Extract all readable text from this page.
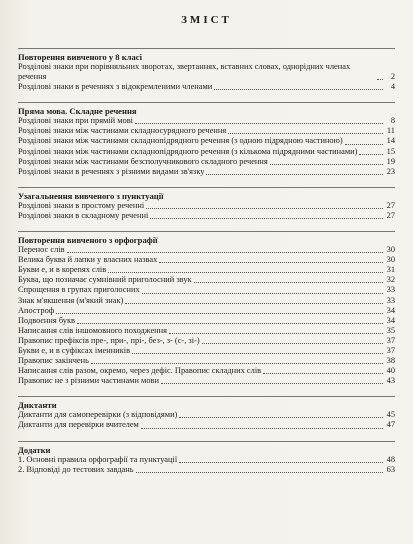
ЗМІСТ
Повторення вивченого у 8 класі
Розділові знаки при порівняльних зворотах, звертаннях, вставних словах, однорідних членах речення	2
Розділові знаки в реченнях з відокремленими членами	4
Пряма мова. Складне речення
Розділові знаки при прямій мові	8
Розділові знаки між частинами складносурядного речення	11
Розділові знаки між частинами складнопідрядного речення (з одною підрядною частиною)	14
Розділові знаки між частинами складнопідрядного речення (з кількома підрядними частинами)	15
Розділові знаки між частинами безсполучникового складного речення	19
Розділові знаки в реченнях з різними видами зв'язку	23
Узагальнення вивченого з пунктуації
Розділові знаки в простому реченні	27
Розділові знаки в складному реченні	27
Повторення вивченого з орфографії
Перенос слів	30
Велика буква й лапки у власних назвах	30
Букви е, и в корenях слів	31
Буква, що позначає сумнівний приголосний звук	32
Спрощення в групах приголосних	33
Знак м'якшення (м'який знак)	33
Апостроф	34
Подвоєння букв	34
Написання слів іншомовного походження	35
Правопис префіксів пре-, при-, прі-, без-, з- (с-, зі-)	37
Букви е, и в суфіксах іменників	37
Правопис закінчень	38
Написання слів разом, окремо, через дефіс. Правопис складних слів	40
Правопис не з різними частинами мови	43
Диктанти
Диктанти для самоперевірки (з відповідями)	45
Диктанти для перевірки вчителем	47
Додатки
1. Основні правила орфографії та пунктуації	48
2. Відповіді до тестових завдань	63
